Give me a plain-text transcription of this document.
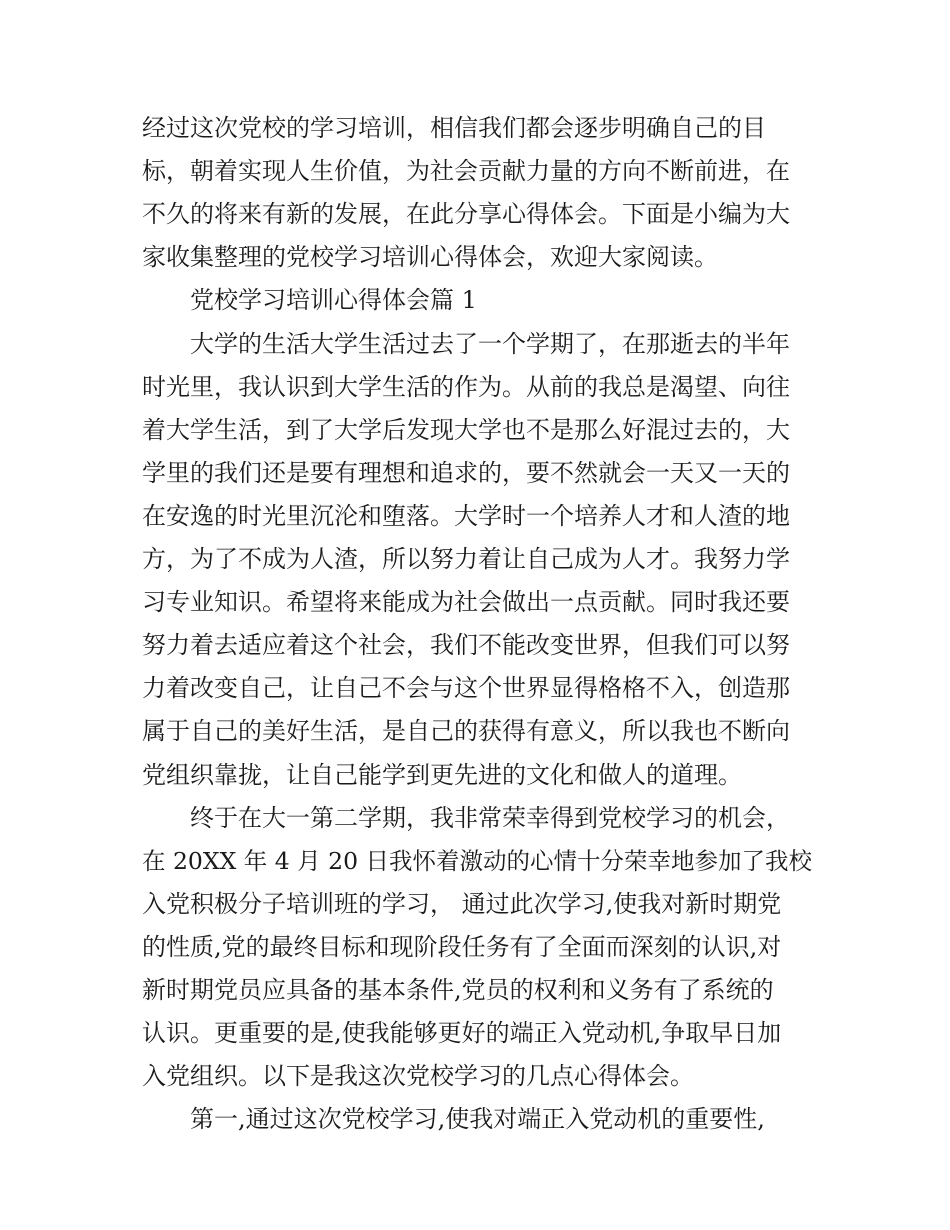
经过这次党校的学习培训，相信我们都会逐步明确自己的目
标，朝着实现人生价值，为社会贡献力量的方向不断前进，在
不久的将来有新的发展，在此分享心得体会。下面是小编为大
家收集整理的党校学习培训心得体会，欢迎大家阅读。
党校学习培训心得体会篇 1
大学的生活大学生活过去了一个学期了，在那逝去的半年
时光里，我认识到大学生活的作为。从前的我总是渴望、向往
着大学生活，到了大学后发现大学也不是那么好混过去的，大
学里的我们还是要有理想和追求的，要不然就会一天又一天的
在安逸的时光里沉沦和堕落。大学时一个培养人才和人渣的地
方，为了不成为人渣，所以努力着让自己成为人才。我努力学
习专业知识。希望将来能成为社会做出一点贡献。同时我还要
努力着去适应着这个社会，我们不能改变世界，但我们可以努
力着改变自己，让自己不会与这个世界显得格格不入，创造那
属于自己的美好生活，是自己的获得有意义，所以我也不断向
党组织靠拢，让自己能学到更先进的文化和做人的道理。
终于在大一第二学期，我非常荣幸得到党校学习的机会，
在 20XX 年 4 月 20 日我怀着激动的心情十分荣幸地参加了我校
入党积极分子培训班的学习， 通过此次学习,使我对新时期党
的性质,党的最终目标和现阶段任务有了全面而深刻的认识,对
新时期党员应具备的基本条件,党员的权利和义务有了系统的
认识。更重要的是,使我能够更好的端正入党动机,争取早日加
入党组织。以下是我这次党校学习的几点心得体会。
第一,通过这次党校学习,使我对端正入党动机的重要性,
